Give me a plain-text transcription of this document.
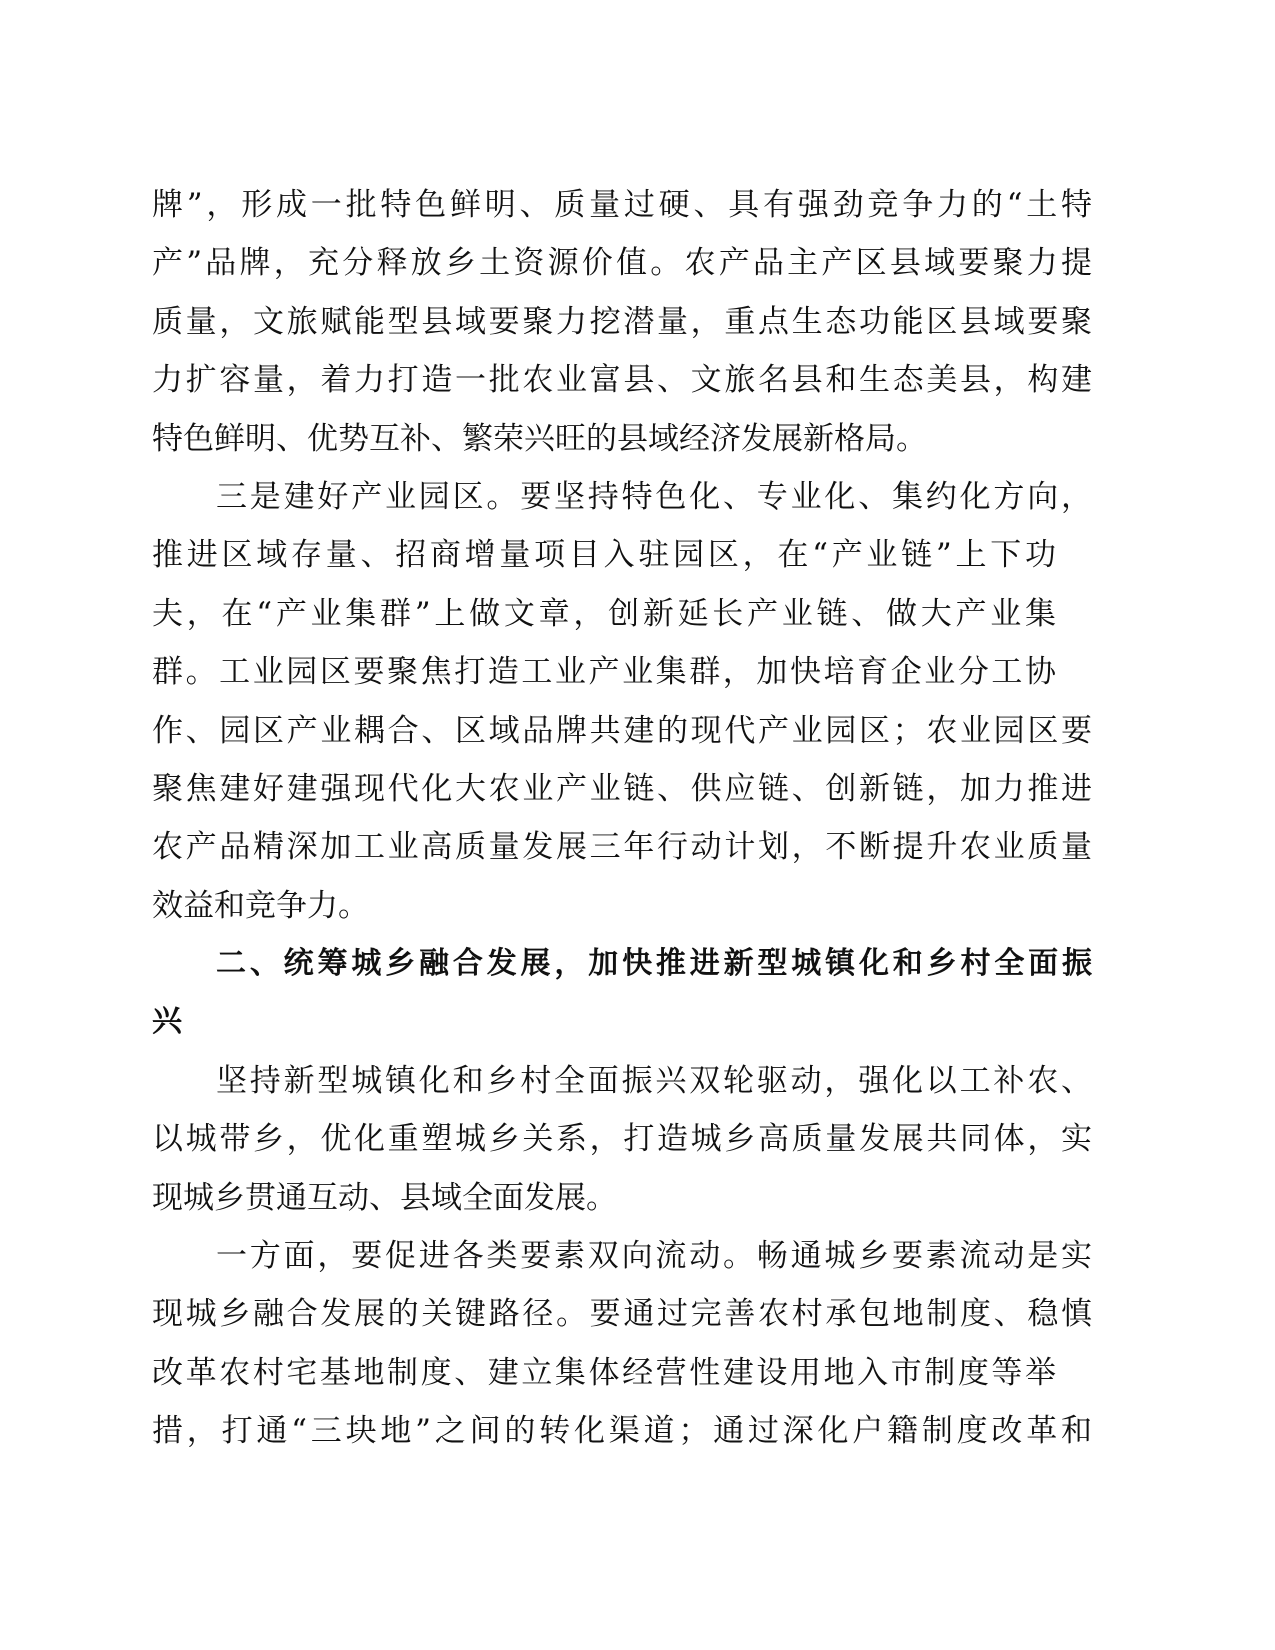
牌”，形成一批特色鲜明、质量过硬、具有强劲竞争力的“土特
产”品牌，充分释放乡土资源价值。农产品主产区县域要聚力提
质量，文旅赋能型县域要聚力挖潜量，重点生态功能区县域要聚
力扩容量，着力打造一批农业富县、文旅名县和生态美县，构建
特色鲜明、优势互补、繁荣兴旺的县域经济发展新格局。
三是建好产业园区。要坚持特色化、专业化、集约化方向，
推进区域存量、招商增量项目入驻园区，在“产业链”上下功
夫，在“产业集群”上做文章，创新延长产业链、做大产业集
群。工业园区要聚焦打造工业产业集群，加快培育企业分工协
作、园区产业耦合、区域品牌共建的现代产业园区；农业园区要
聚焦建好建强现代化大农业产业链、供应链、创新链，加力推进
农产品精深加工业高质量发展三年行动计划，不断提升农业质量
效益和竞争力。
二、统筹城乡融合发展，加快推进新型城镇化和乡村全面振
兴
坚持新型城镇化和乡村全面振兴双轮驱动，强化以工补农、
以城带乡，优化重塑城乡关系，打造城乡高质量发展共同体，实
现城乡贯通互动、县域全面发展。
一方面，要促进各类要素双向流动。畅通城乡要素流动是实
现城乡融合发展的关键路径。要通过完善农村承包地制度、稳慎
改革农村宅基地制度、建立集体经营性建设用地入市制度等举
措，打通“三块地”之间的转化渠道；通过深化户籍制度改革和
